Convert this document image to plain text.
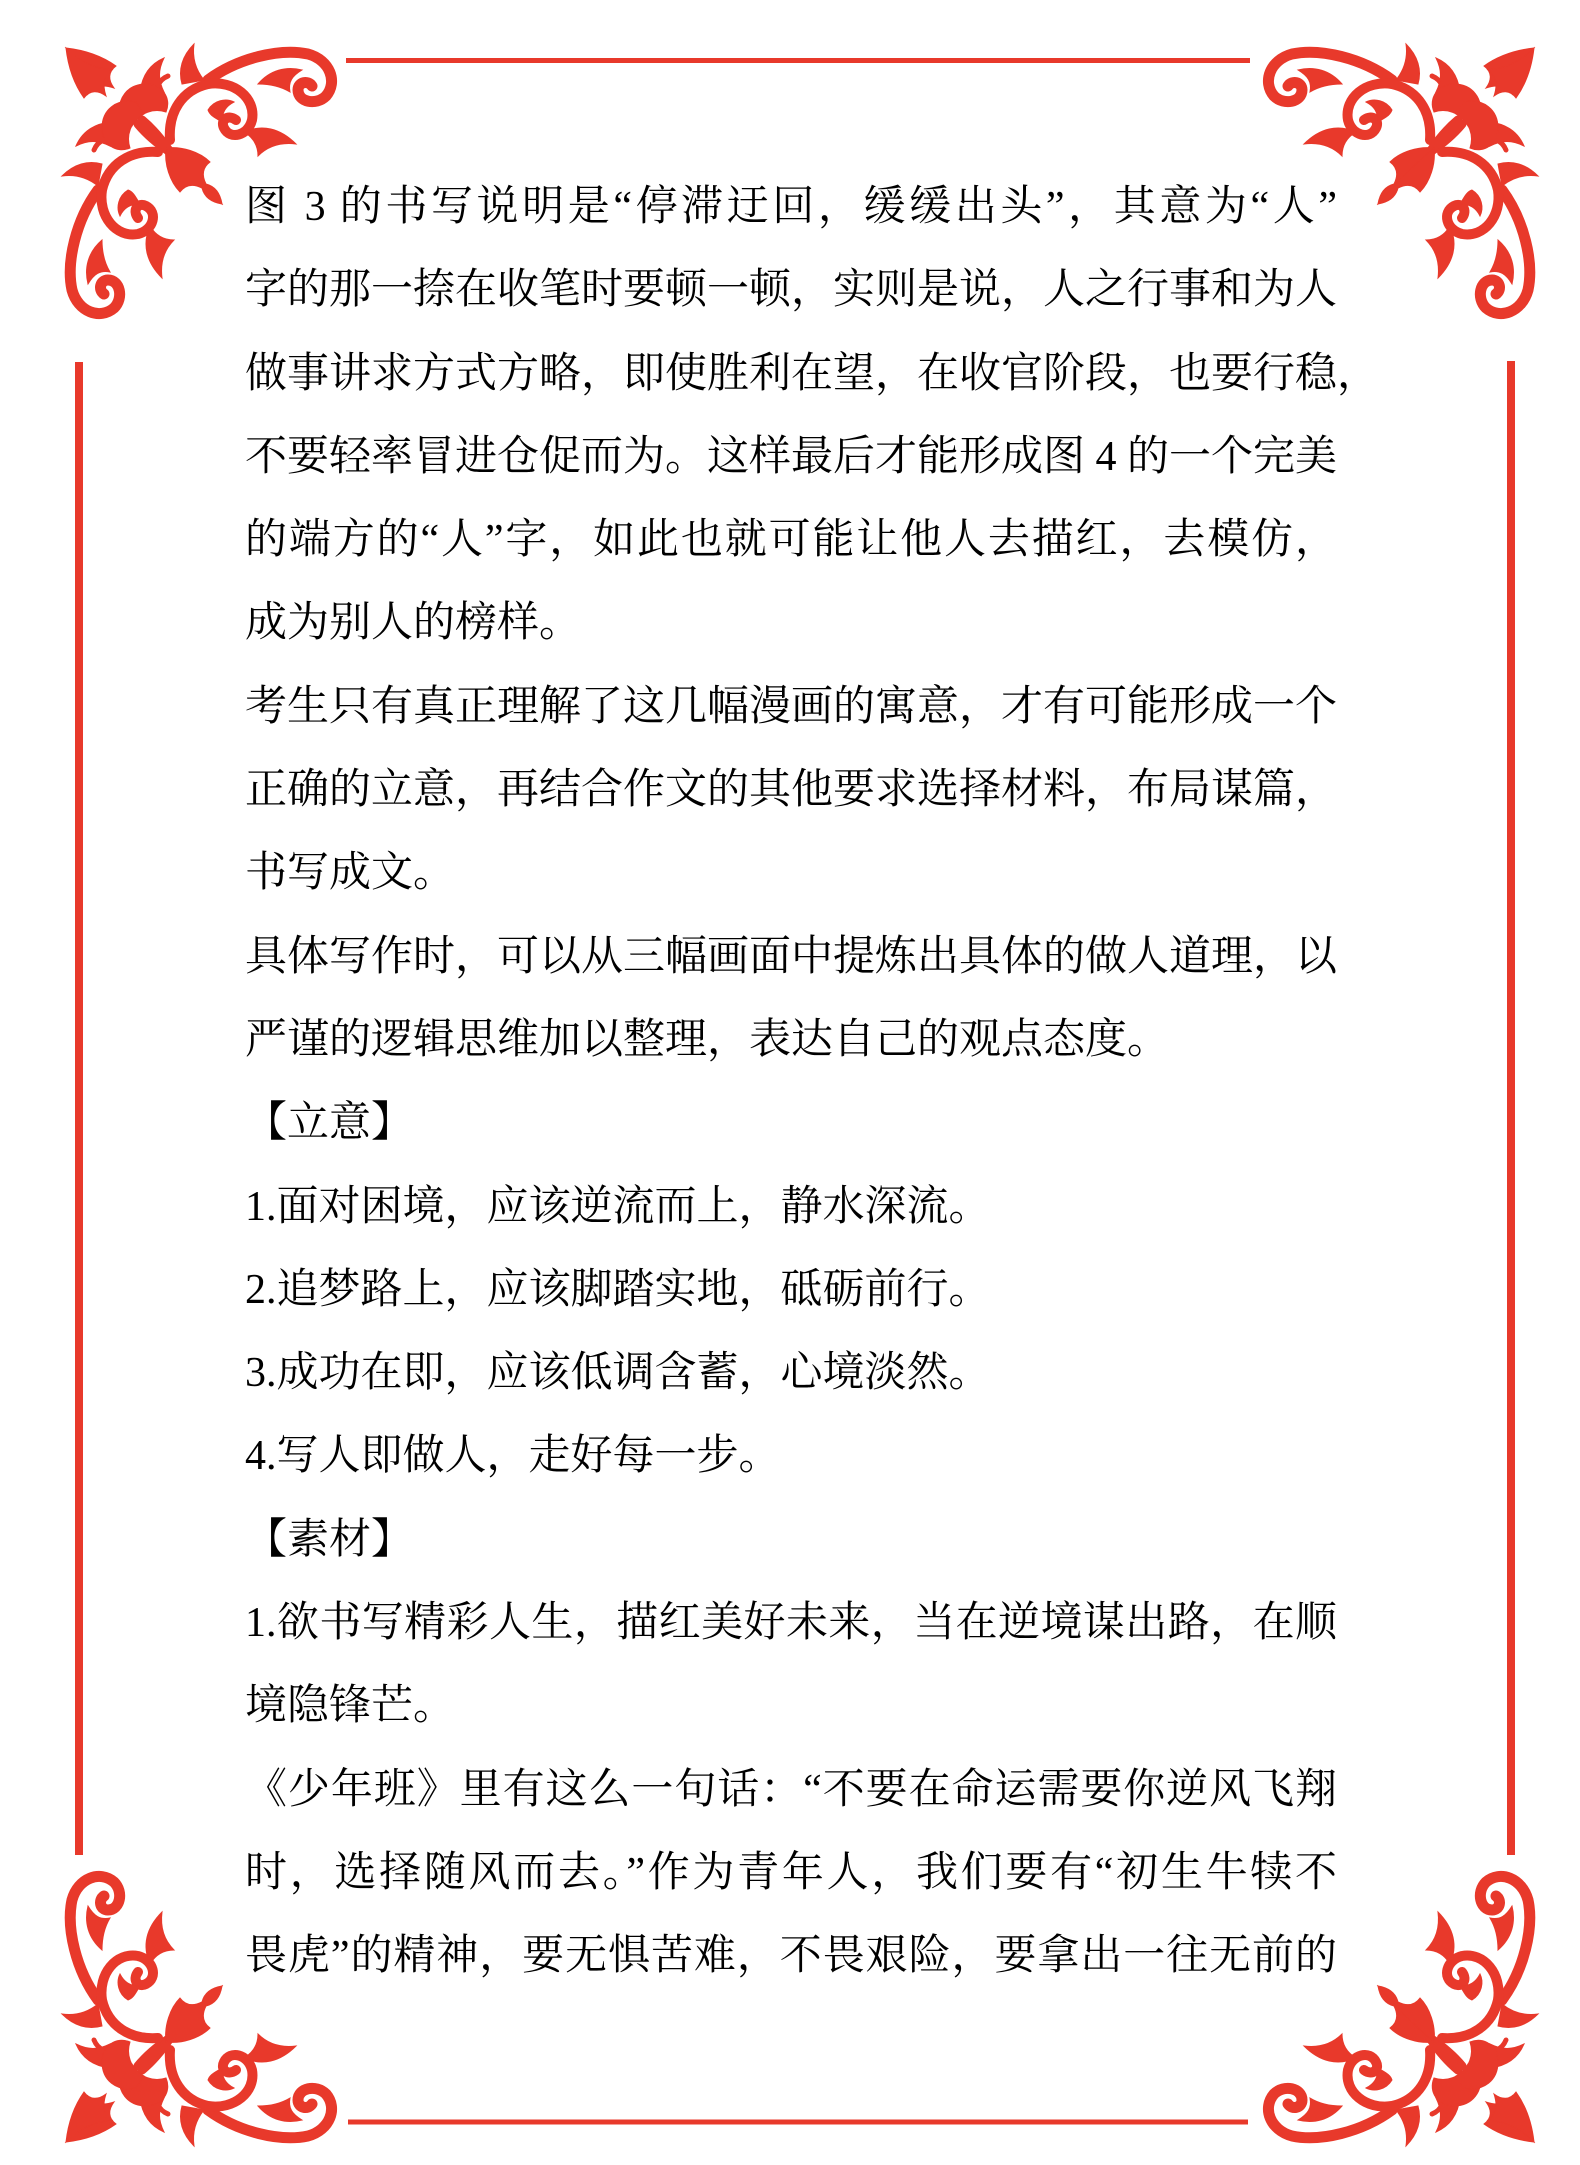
图 3 的书写说明是“停滞迂回，缓缓出头”，其意为“人”
字的那一捺在收笔时要顿一顿，实则是说，人之行事和为人
做事讲求方式方略，即使胜利在望，在收官阶段，也要行稳，
不要轻率冒进仓促而为。这样最后才能形成图 4 的一个完美
的端方的“人”字，如此也就可能让他人去描红，去模仿，
成为别人的榜样。
考生只有真正理解了这几幅漫画的寓意，才有可能形成一个
正确的立意，再结合作文的其他要求选择材料，布局谋篇，
书写成文。
具体写作时，可以从三幅画面中提炼出具体的做人道理，以
严谨的逻辑思维加以整理，表达自己的观点态度。
【立意】
1.面对困境，应该逆流而上，静水深流。
2.追梦路上，应该脚踏实地，砥砺前行。
3.成功在即，应该低调含蓄，心境淡然。
4.写人即做人，走好每一步。
【素材】
1.欲书写精彩人生，描红美好未来，当在逆境谋出路，在顺
境隐锋芒。
《少年班》里有这么一句话：“不要在命运需要你逆风飞翔
时，选择随风而去。”作为青年人，我们要有“初生牛犊不
畏虎”的精神，要无惧苦难，不畏艰险，要拿出一往无前的
